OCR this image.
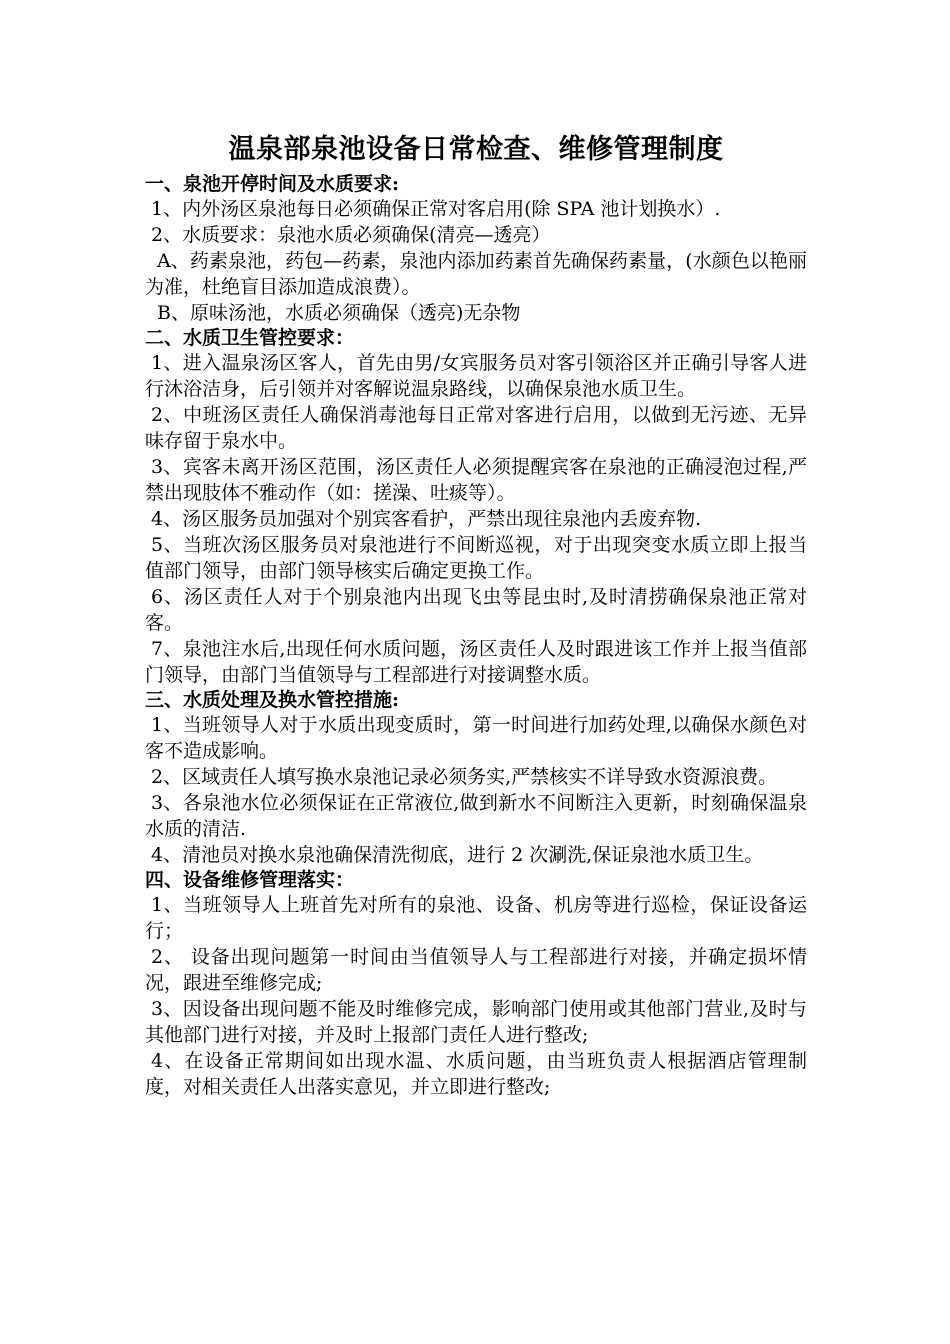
温泉部泉池设备日常检查、维修管理制度

一、泉池开停时间及水质要求:

1、内外汤区泉池每日必须确保正常对客启用(除 SPA 池计划换水）.

2、水质要求：泉池水质必须确保(清亮—透亮）

A、药素泉池，药包—药素，泉池内添加药素首先确保药素量，(水颜色以艳丽为准，杜绝盲目添加造成浪费）。

B、原味汤池，水质必须确保（透亮)无杂物

二、水质卫生管控要求：

1、进入温泉汤区客人，首先由男/女宾服务员对客引领浴区并正确引导客人进行沐浴洁身，后引领并对客解说温泉路线，以确保泉池水质卫生。

2、中班汤区责任人确保消毒池每日正常对客进行启用，以做到无污迹、无异味存留于泉水中。

3、宾客未离开汤区范围，汤区责任人必须提醒宾客在泉池的正确浸泡过程,严禁出现肢体不雅动作（如：搓澡、吐痰等）。

4、汤区服务员加强对个别宾客看护，严禁出现往泉池内丢废弃物.

5、当班次汤区服务员对泉池进行不间断巡视，对于出现突变水质立即上报当值部门领导，由部门领导核实后确定更换工作。

6、汤区责任人对于个别泉池内出现飞虫等昆虫时,及时清捞确保泉池正常对客。

7、泉池注水后,出现任何水质问题，汤区责任人及时跟进该工作并上报当值部门领导，由部门当值领导与工程部进行对接调整水质。

三、水质处理及换水管控措施:

1、当班领导人对于水质出现变质时，第一时间进行加药处理,以确保水颜色对客不造成影响。

2、区域责任人填写换水泉池记录必须务实,严禁核实不详导致水资源浪费。

3、各泉池水位必须保证在正常液位,做到新水不间断注入更新，时刻确保温泉水质的清洁.

4、清池员对换水泉池确保清洗彻底，进行 2 次涮洗,保证泉池水质卫生。

四、设备维修管理落实：

1、当班领导人上班首先对所有的泉池、设备、机房等进行巡检，保证设备运行；

2、 设备出现问题第一时间由当值领导人与工程部进行对接，并确定损坏情况，跟进至维修完成;

3、因设备出现问题不能及时维修完成，影响部门使用或其他部门营业,及时与其他部门进行对接，并及时上报部门责任人进行整改;

4、在设备正常期间如出现水温、水质问题，由当班负责人根据酒店管理制度，对相关责任人出落实意见，并立即进行整改;
